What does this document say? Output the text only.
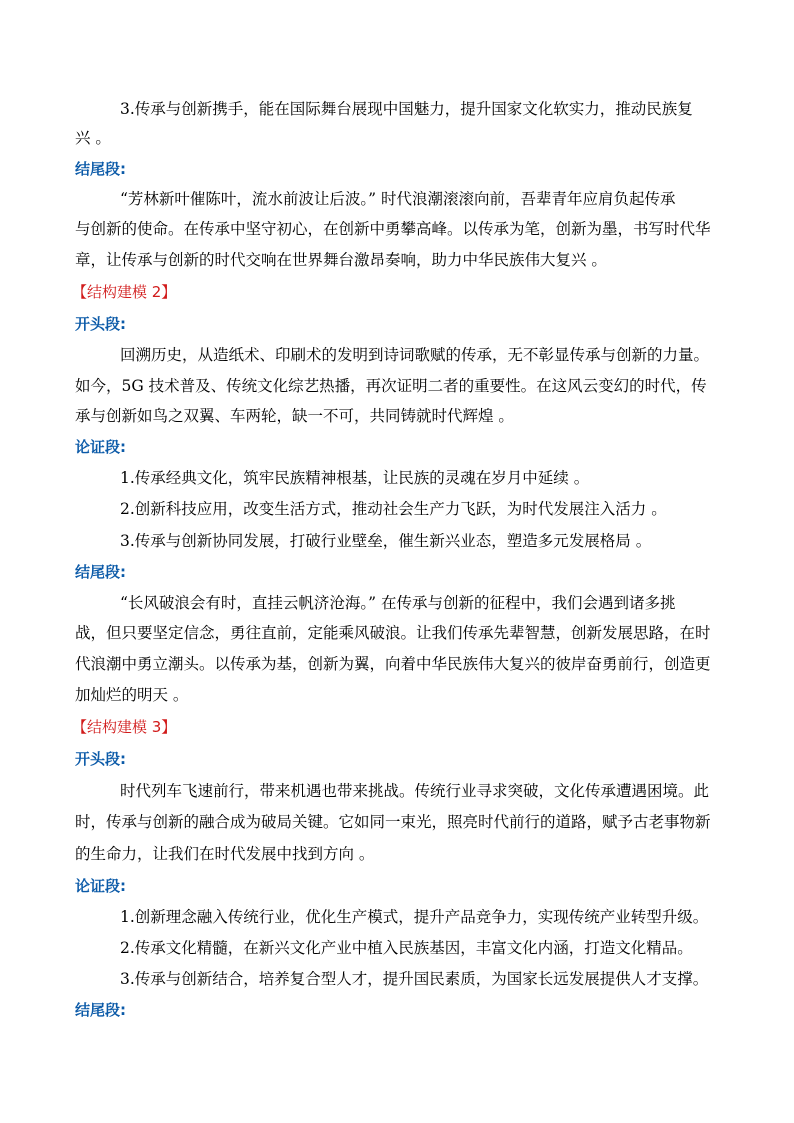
3.传承与创新携手，能在国际舞台展现中国魅力，提升国家文化软实力，推动民族复
兴 。
结尾段:
“芳林新叶催陈叶，流水前波让后波。” 时代浪潮滚滚向前，吾辈青年应肩负起传承
与创新的使命。在传承中坚守初心，在创新中勇攀高峰。以传承为笔，创新为墨，书写时代华
章，让传承与创新的时代交响在世界舞台激昂奏响，助力中华民族伟大复兴 。
【结构建模 2】
开头段:
回溯历史，从造纸术、印刷术的发明到诗词歌赋的传承，无不彰显传承与创新的力量。
如今，5G 技术普及、传统文化综艺热播，再次证明二者的重要性。在这风云变幻的时代，传
承与创新如鸟之双翼、车两轮，缺一不可，共同铸就时代辉煌 。
论证段:
1.传承经典文化，筑牢民族精神根基，让民族的灵魂在岁月中延续 。
2.创新科技应用，改变生活方式，推动社会生产力飞跃，为时代发展注入活力 。
3.传承与创新协同发展，打破行业壁垒，催生新兴业态，塑造多元发展格局 。
结尾段:
“长风破浪会有时，直挂云帆济沧海。” 在传承与创新的征程中，我们会遇到诸多挑
战，但只要坚定信念，勇往直前，定能乘风破浪。让我们传承先辈智慧，创新发展思路，在时
代浪潮中勇立潮头。以传承为基，创新为翼，向着中华民族伟大复兴的彼岸奋勇前行，创造更
加灿烂的明天 。
【结构建模 3】
开头段:
时代列车飞速前行，带来机遇也带来挑战。传统行业寻求突破，文化传承遭遇困境。此
时，传承与创新的融合成为破局关键。它如同一束光，照亮时代前行的道路，赋予古老事物新
的生命力，让我们在时代发展中找到方向 。
论证段:
1.创新理念融入传统行业，优化生产模式，提升产品竞争力，实现传统产业转型升级。
2.传承文化精髓，在新兴文化产业中植入民族基因，丰富文化内涵，打造文化精品。
3.传承与创新结合，培养复合型人才，提升国民素质，为国家长远发展提供人才支撑。
结尾段:
